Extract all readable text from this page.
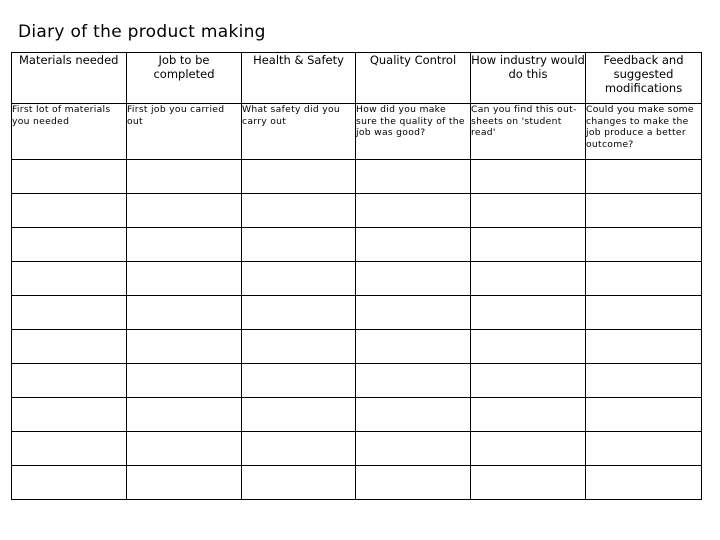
Diary of the product making
Materials needed	Job to be completed	Health & Safety	Quality Control	How industry would do this	Feedback and suggested modifications
First lot of materials you needed	First job you carried out	What safety did you carry out	How did you make sure the quality of the job was good?	Can you find this out-sheets on 'student read'	Could you make some changes to make the job produce a better outcome?
